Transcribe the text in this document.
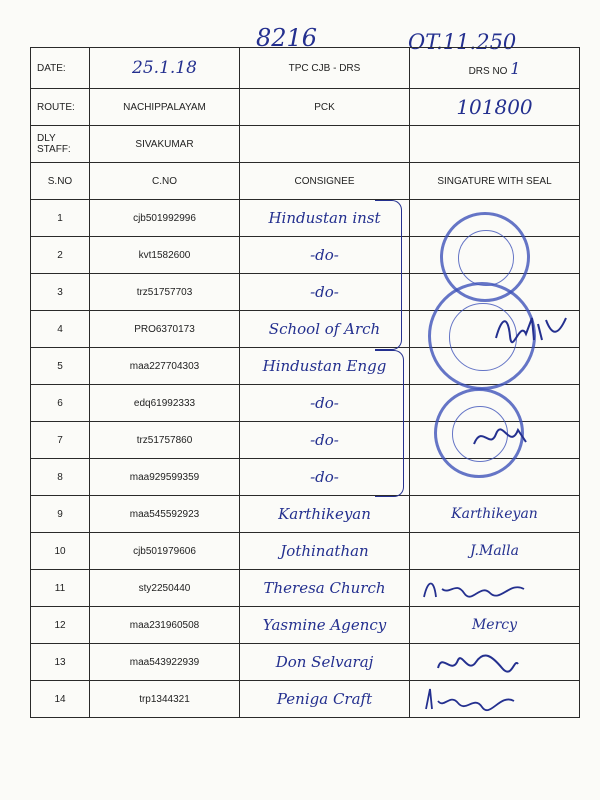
8216	OT.11.250
DATE:	25.1.18	TPC CJB - DRS	DRS NO 1
ROUTE:	NACHIPPALAYAM	PCK	101800
DLY STAFF:	SIVAKUMAR		
S.NO	C.NO	CONSIGNEE	SINGATURE WITH SEAL
1	cjb501992996	Hindustan inst	
2	kvt1582600	-do-	
3	trz51757703	-do-	
4	PRO6370173	School of Arch	
5	maa227704303	Hindustan Engg	
6	edq61992333	-do-	
7	trz51757860	-do-	
8	maa929599359	-do-	
9	maa545592923	Karthikeyan	Karthikeyan
10	cjb501979606	Jothinathan	J.Malla
11	sty2250440	Theresa Church	
12	maa231960508	Yasmine Agency	Mercy
13	maa543922939	Don Selvaraj	
14	trp1344321	Peniga Craft	
